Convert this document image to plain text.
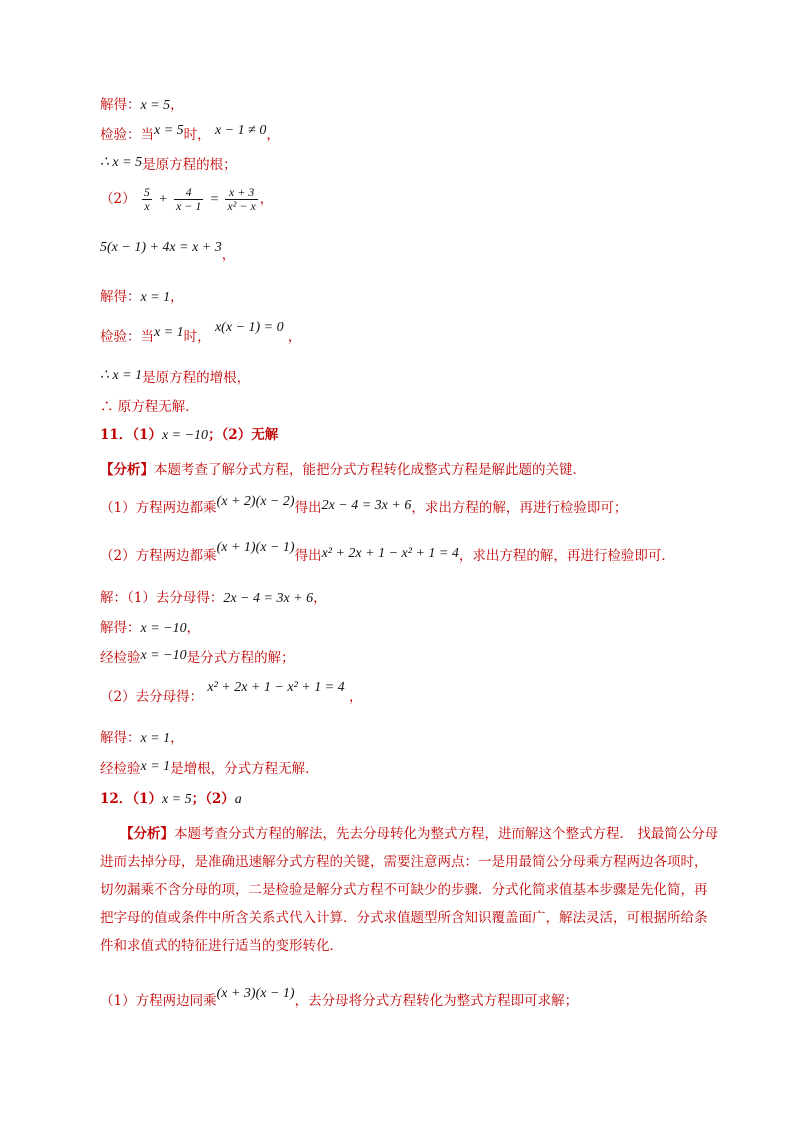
解得：x = 5，
检验：当x = 5时， x − 1 ≠ 0，
∴ x = 5是原方程的根；
$(2) \frac{5}{x} + \frac{4}{x - 1} = \frac{x + 3}{\text{x² − x}}$ ，
5(x − 1) + 4x = x + 3，
解得：x = 1，
检验：当x = 1时， x(x − 1) = 0 ，
∴ x = 1是原方程的增根，
∴ 原方程无解．
11．（1）x = −10；（2）无解
【分析】本题考查了解分式方程，能把分式方程转化成整式方程是解此题的关键．
（1）方程两边都乘(x + 2)(x − 2)得出2x − 4 = 3x + 6，求出方程的解，再进行检验即可；
（2）方程两边都乘(x + 1)(x − 1)得出x² + 2x + 1 − x² + 1 = 4，求出方程的解，再进行检验即可．
解：（1）去分母得：2x − 4 = 3x + 6，
解得：x = −10，
经检验x = −10是分式方程的解；
（2）去分母得： x² + 2x + 1 − x² + 1 = 4 ，
解得：x = 1，
经检验x = 1是增根，分式方程无解．
12．（1）x = 5；（2）a
【分析】本题考查分式方程的解法，先去分母转化为整式方程，进而解这个整式方程． 找最简公分母进而去掉分母，是准确迅速解分式方程的关键，需要注意两点：一是用最简公分母乘方程两边各项时，切勿漏乘不含分母的项，二是检验是解分式方程不可缺少的步骤．分式化简求值基本步骤是先化简，再把字母的值或条件中所含关系式代入计算．分式求值题型所含知识覆盖面广，解法灵活，可根据所给条件和求值式的特征进行适当的变形转化．
（1）方程两边同乘(x + 3)(x − 1)，去分母将分式方程转化为整式方程即可求解；
